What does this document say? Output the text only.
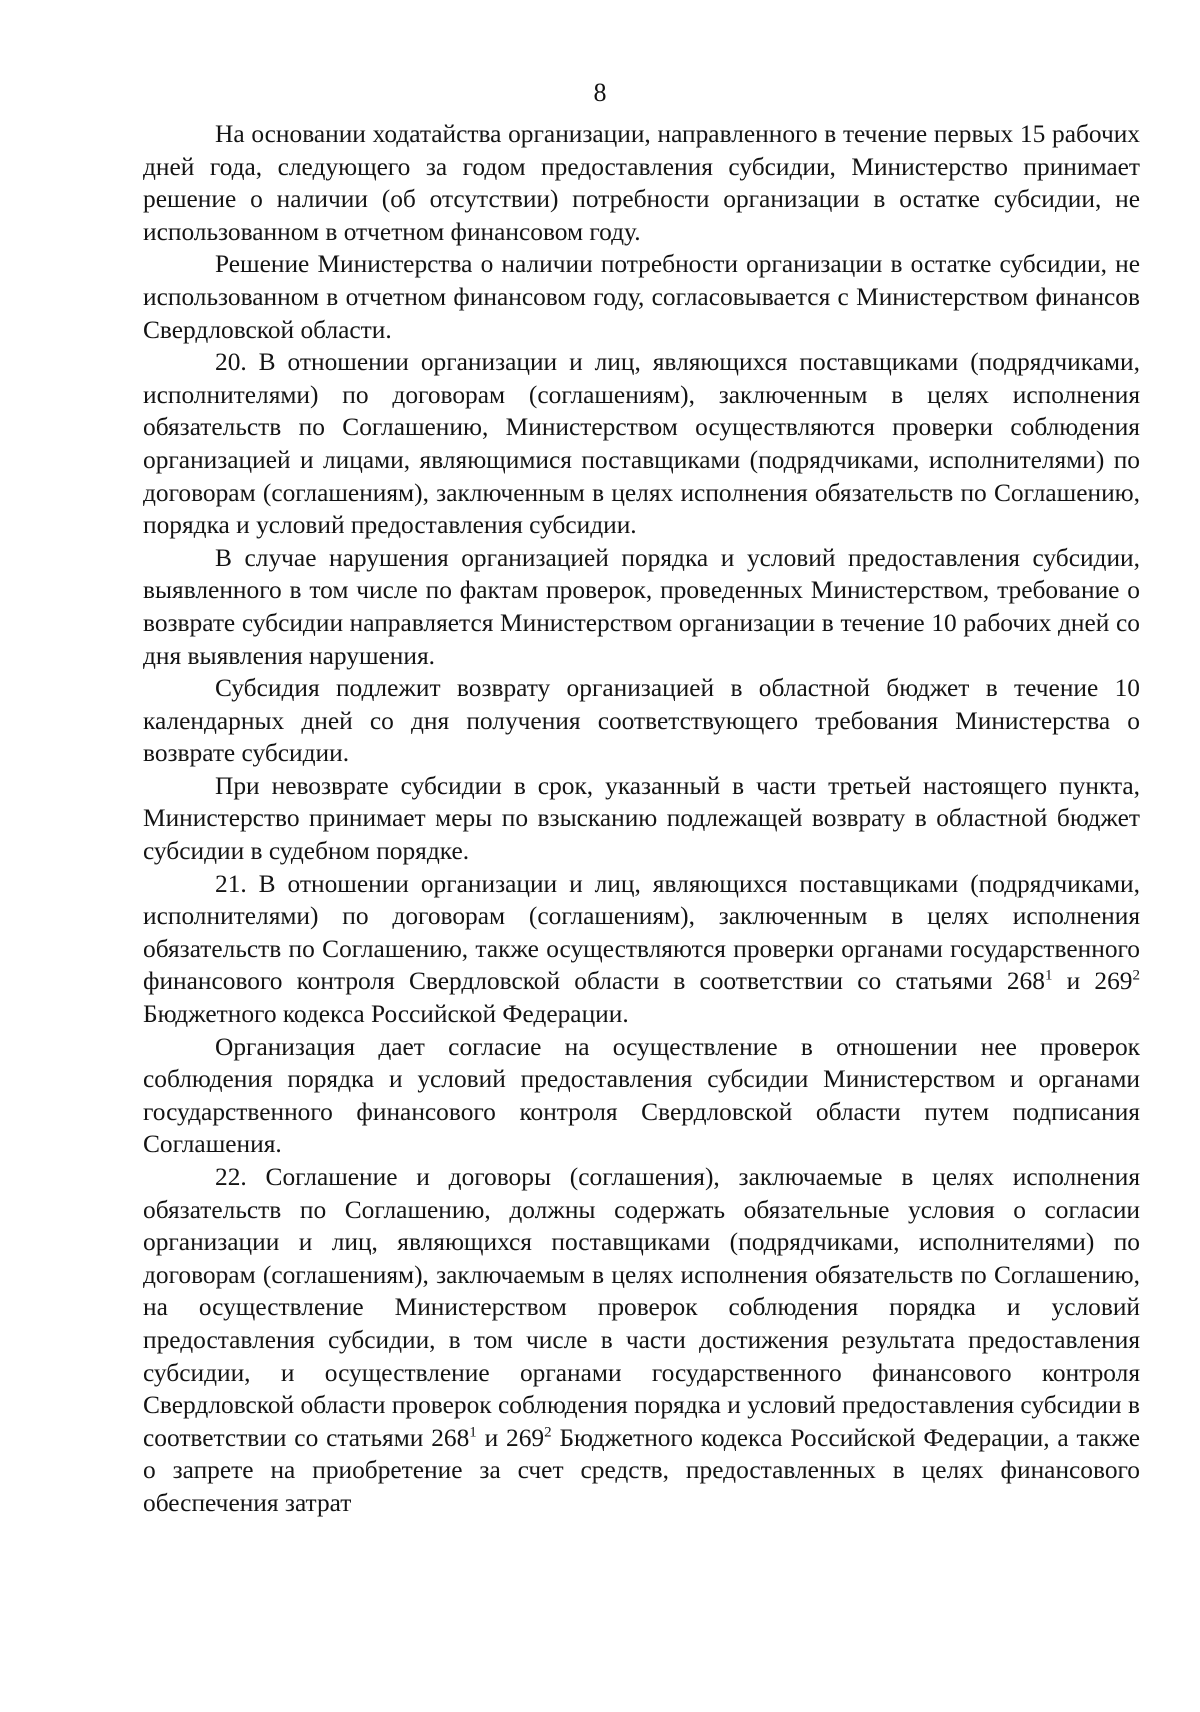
8

На основании ходатайства организации, направленного в течение первых 15 рабочих дней года, следующего за годом предоставления субсидии, Министерство принимает решение о наличии (об отсутствии) потребности организации в остатке субсидии, не использованном в отчетном финансовом году.

Решение Министерства о наличии потребности организации в остатке субсидии, не использованном в отчетном финансовом году, согласовывается с Министерством финансов Свердловской области.

20. В отношении организации и лиц, являющихся поставщиками (подрядчиками, исполнителями) по договорам (соглашениям), заключенным в целях исполнения обязательств по Соглашению, Министерством осуществляются проверки соблюдения организацией и лицами, являющимися поставщиками (подрядчиками, исполнителями) по договорам (соглашениям), заключенным в целях исполнения обязательств по Соглашению, порядка и условий предоставления субсидии.

В случае нарушения организацией порядка и условий предоставления субсидии, выявленного в том числе по фактам проверок, проведенных Министерством, требование о возврате субсидии направляется Министерством организации в течение 10 рабочих дней со дня выявления нарушения.

Субсидия подлежит возврату организацией в областной бюджет в течение 10 календарных дней со дня получения соответствующего требования Министерства о возврате субсидии.

При невозврате субсидии в срок, указанный в части третьей настоящего пункта, Министерство принимает меры по взысканию подлежащей возврату в областной бюджет субсидии в судебном порядке.

21. В отношении организации и лиц, являющихся поставщиками (подрядчиками, исполнителями) по договорам (соглашениям), заключенным в целях исполнения обязательств по Соглашению, также осуществляются проверки органами государственного финансового контроля Свердловской области в соответствии со статьями $268^1$ и $269^2$ Бюджетного кодекса Российской Федерации.

Организация дает согласие на осуществление в отношении нее проверок соблюдения порядка и условий предоставления субсидии Министерством и органами государственного финансового контроля Свердловской области путем подписания Соглашения.

22. Соглашение и договоры (соглашения), заключаемые в целях исполнения обязательств по Соглашению, должны содержать обязательные условия о согласии организации и лиц, являющихся поставщиками (подрядчиками, исполнителями) по договорам (соглашениям), заключаемым в целях исполнения обязательств по Соглашению, на осуществление Министерством проверок соблюдения порядка и условий предоставления субсидии, в том числе в части достижения результата предоставления субсидии, и осуществление органами государственного финансового контроля Свердловской области проверок соблюдения порядка и условий предоставления субсидии в соответствии со статьями $268^1$ и $269^2$ Бюджетного кодекса Российской Федерации, а также о запрете на приобретение за счет средств, предоставленных в целях финансового обеспечения затрат
